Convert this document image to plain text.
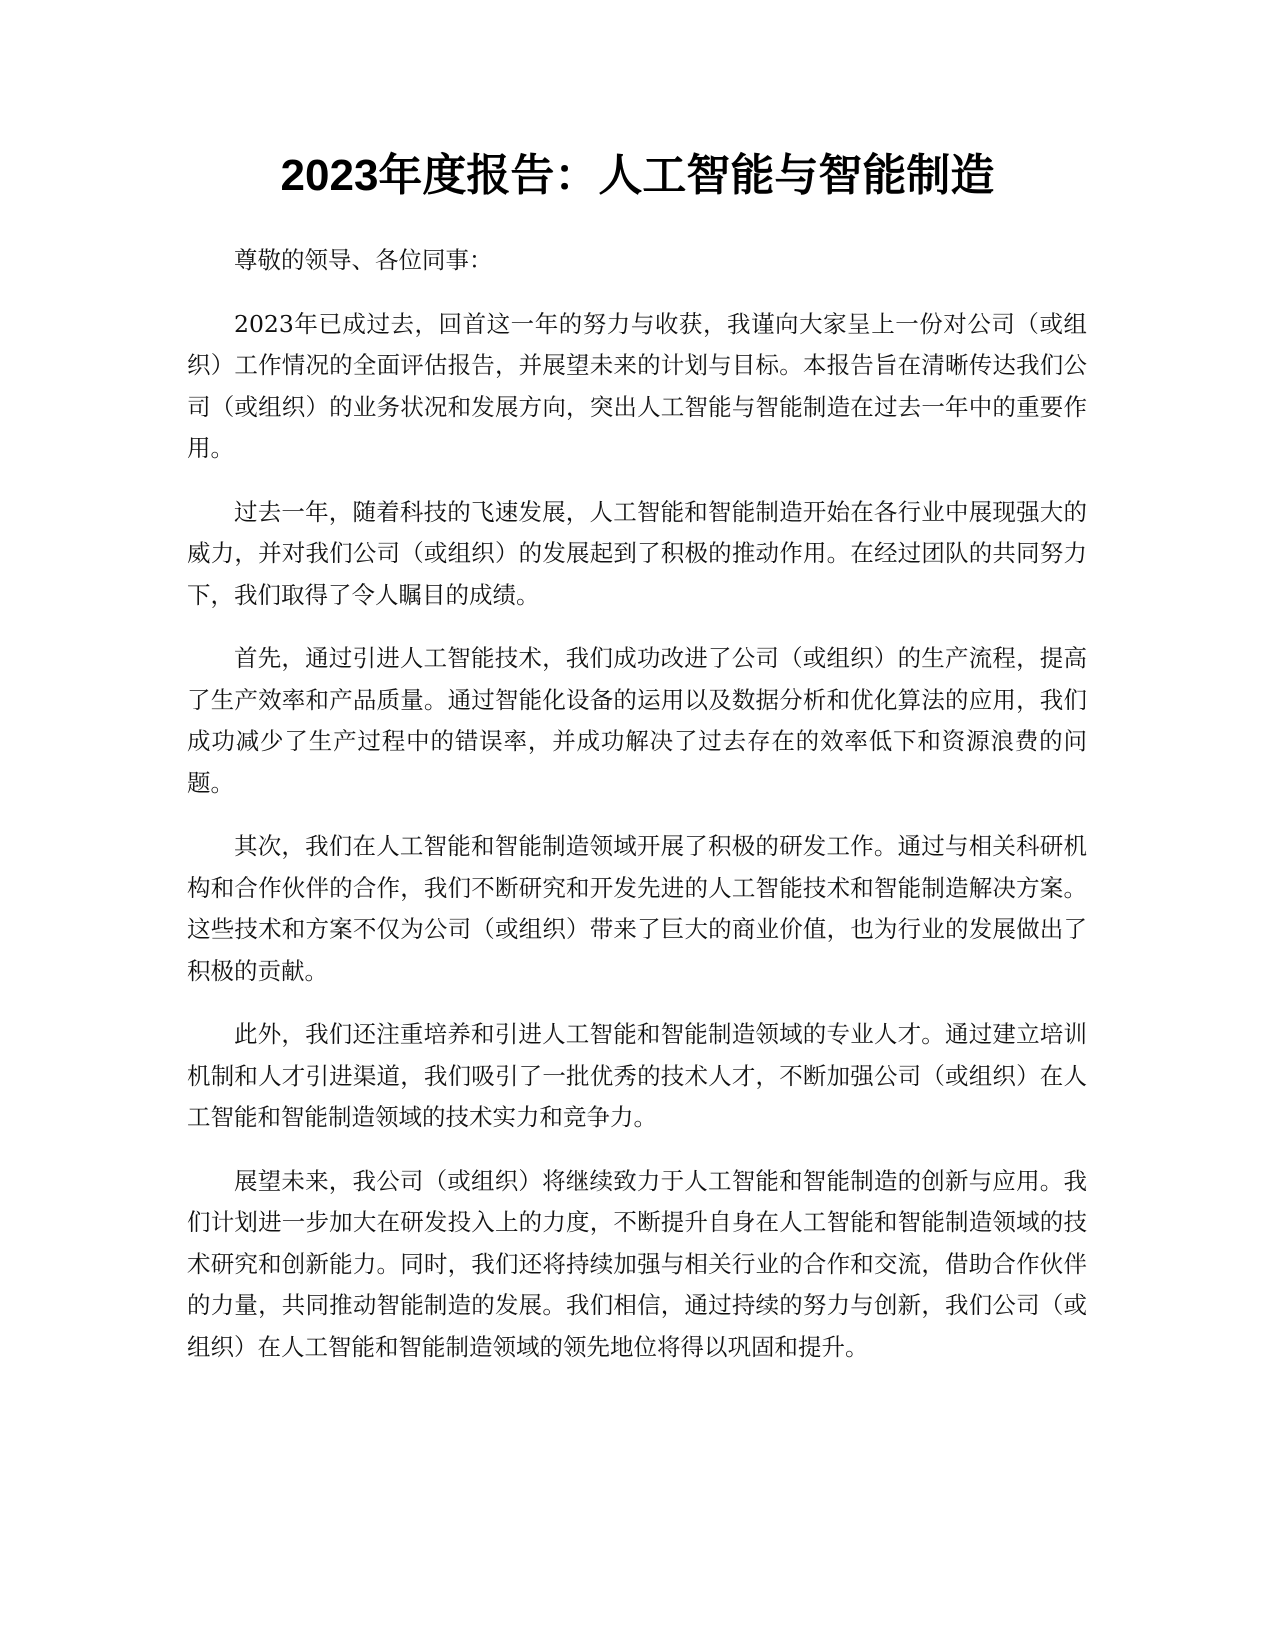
2023年度报告：人工智能与智能制造

尊敬的领导、各位同事：

2023年已成过去，回首这一年的努力与收获，我谨向大家呈上一份对公司（或组织）工作情况的全面评估报告，并展望未来的计划与目标。本报告旨在清晰传达我们公司（或组织）的业务状况和发展方向，突出人工智能与智能制造在过去一年中的重要作用。

过去一年，随着科技的飞速发展，人工智能和智能制造开始在各行业中展现强大的威力，并对我们公司（或组织）的发展起到了积极的推动作用。在经过团队的共同努力下，我们取得了令人瞩目的成绩。

首先，通过引进人工智能技术，我们成功改进了公司（或组织）的生产流程，提高了生产效率和产品质量。通过智能化设备的运用以及数据分析和优化算法的应用，我们成功减少了生产过程中的错误率，并成功解决了过去存在的效率低下和资源浪费的问题。

其次，我们在人工智能和智能制造领域开展了积极的研发工作。通过与相关科研机构和合作伙伴的合作，我们不断研究和开发先进的人工智能技术和智能制造解决方案。这些技术和方案不仅为公司（或组织）带来了巨大的商业价值，也为行业的发展做出了积极的贡献。

此外，我们还注重培养和引进人工智能和智能制造领域的专业人才。通过建立培训机制和人才引进渠道，我们吸引了一批优秀的技术人才，不断加强公司（或组织）在人工智能和智能制造领域的技术实力和竞争力。

展望未来，我公司（或组织）将继续致力于人工智能和智能制造的创新与应用。我们计划进一步加大在研发投入上的力度，不断提升自身在人工智能和智能制造领域的技术研究和创新能力。同时，我们还将持续加强与相关行业的合作和交流，借助合作伙伴的力量，共同推动智能制造的发展。我们相信，通过持续的努力与创新，我们公司（或组织）在人工智能和智能制造领域的领先地位将得以巩固和提升。
